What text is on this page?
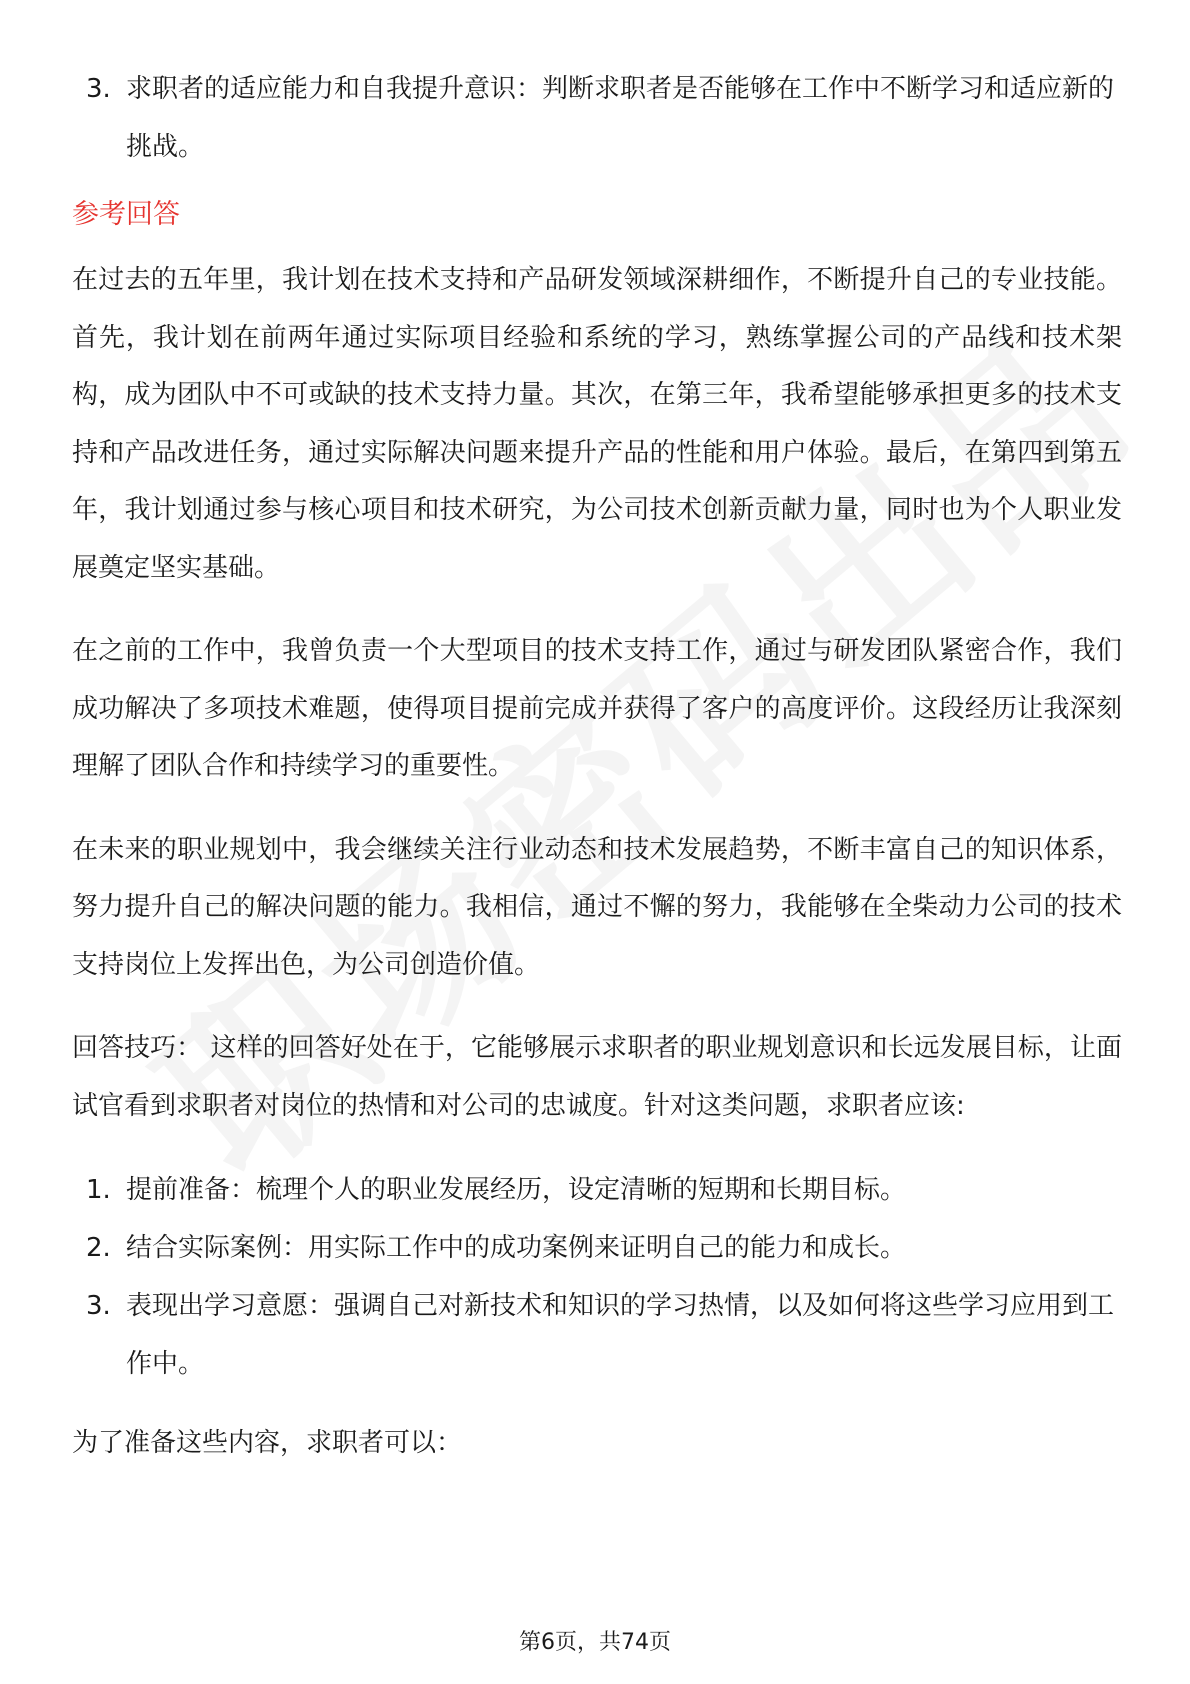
3. 求职者的适应能力和自我提升意识：判断求职者是否能够在工作中不断学习和适应新的挑战。
参考回答

在过去的五年里，我计划在技术支持和产品研发领域深耕细作，不断提升自己的专业技能。首先，我计划在前两年通过实际项目经验和系统的学习，熟练掌握公司的产品线和技术架构，成为团队中不可或缺的技术支持力量。其次，在第三年，我希望能够承担更多的技术支持和产品改进任务，通过实际解决问题来提升产品的性能和用户体验。最后，在第四到第五年，我计划通过参与核心项目和技术研究，为公司技术创新贡献力量，同时也为个人职业发展奠定坚实基础。

在之前的工作中，我曾负责一个大型项目的技术支持工作，通过与研发团队紧密合作，我们成功解决了多项技术难题，使得项目提前完成并获得了客户的高度评价。这段经历让我深刻理解了团队合作和持续学习的重要性。

在未来的职业规划中，我会继续关注行业动态和技术发展趋势，不断丰富自己的知识体系，努力提升自己的解决问题的能力。我相信，通过不懈的努力，我能够在全柴动力公司的技术支持岗位上发挥出色，为公司创造价值。

回答技巧： 这样的回答好处在于，它能够展示求职者的职业规划意识和长远发展目标，让面试官看到求职者对岗位的热情和对公司的忠诚度。针对这类问题，求职者应该:

1. 提前准备：梳理个人的职业发展经历，设定清晰的短期和长期目标。
2. 结合实际案例：用实际工作中的成功案例来证明自己的能力和成长。
3. 表现出学习意愿：强调自己对新技术和知识的学习热情，以及如何将这些学习应用到工作中。

为了准备这些内容，求职者可以：

第6页，共74页
